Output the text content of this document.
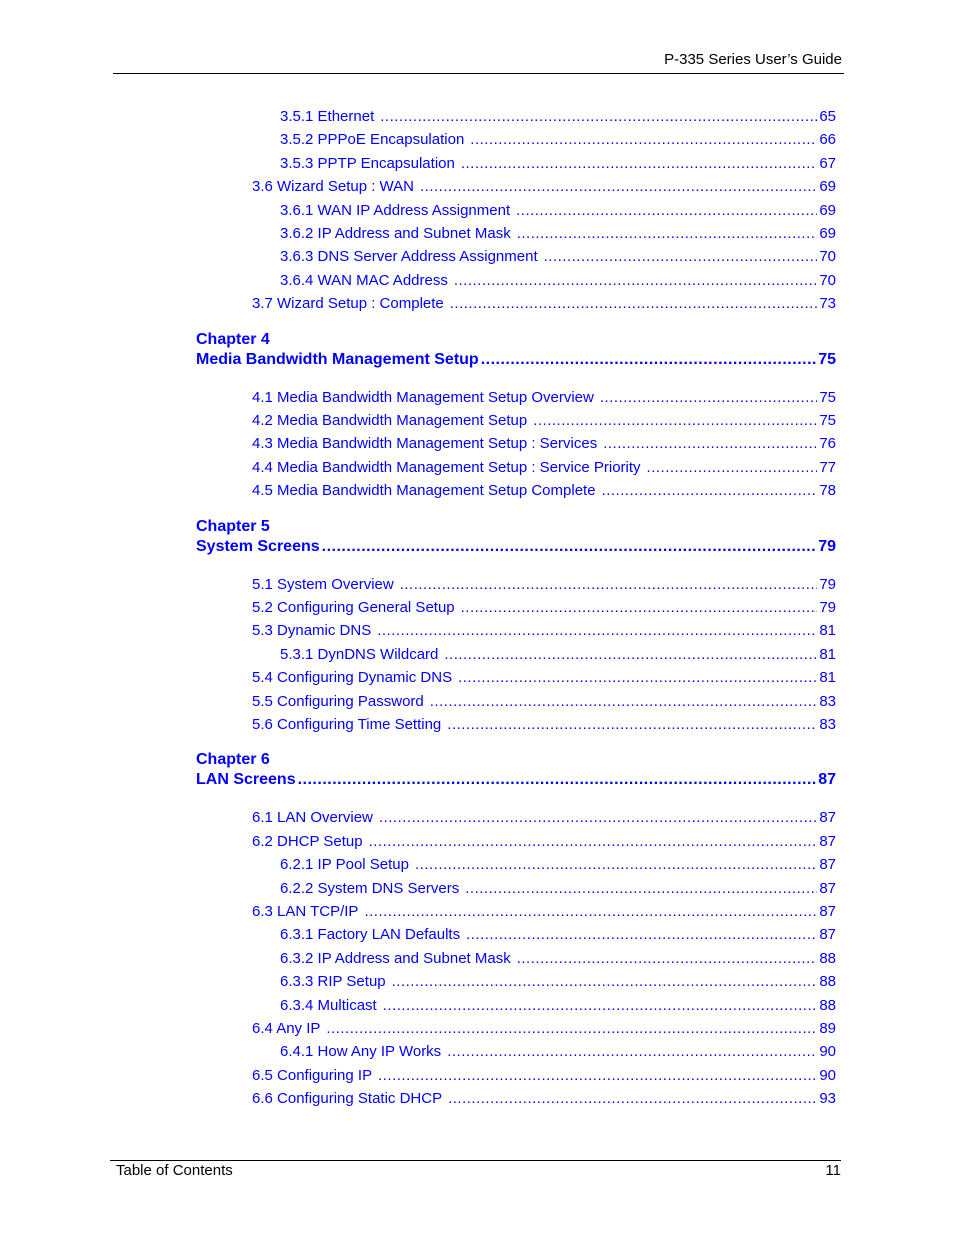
P-335 Series User’s Guide
3.5.1 Ethernet .....	65
3.5.2 PPPoE Encapsulation .....	66
3.5.3 PPTP Encapsulation .....	67
3.6 Wizard Setup : WAN .....	69
3.6.1 WAN IP Address Assignment .....	69
3.6.2 IP Address and Subnet Mask .....	69
3.6.3 DNS Server Address Assignment .....	70
3.6.4 WAN MAC Address .....	70
3.7 Wizard Setup : Complete .....	73
Chapter 4
Media Bandwidth Management Setup .....	75
4.1 Media Bandwidth Management Setup Overview .....	75
4.2 Media Bandwidth Management Setup .....	75
4.3 Media Bandwidth Management Setup : Services .....	76
4.4 Media Bandwidth Management Setup : Service Priority .....	77
4.5 Media Bandwidth Management Setup Complete .....	78
Chapter 5
System Screens .....	79
5.1 System Overview .....	79
5.2 Configuring General Setup .....	79
5.3 Dynamic DNS .....	81
5.3.1 DynDNS Wildcard .....	81
5.4 Configuring Dynamic DNS .....	81
5.5 Configuring Password .....	83
5.6 Configuring Time Setting .....	83
Chapter 6
LAN Screens .....	87
6.1 LAN Overview .....	87
6.2 DHCP Setup .....	87
6.2.1 IP Pool Setup .....	87
6.2.2 System DNS Servers .....	87
6.3 LAN TCP/IP .....	87
6.3.1 Factory LAN Defaults .....	87
6.3.2 IP Address and Subnet Mask .....	88
6.3.3 RIP Setup .....	88
6.3.4 Multicast .....	88
6.4 Any IP .....	89
6.4.1 How Any IP Works .....	90
6.5 Configuring IP .....	90
6.6 Configuring Static DHCP .....	93
Table of Contents	11
